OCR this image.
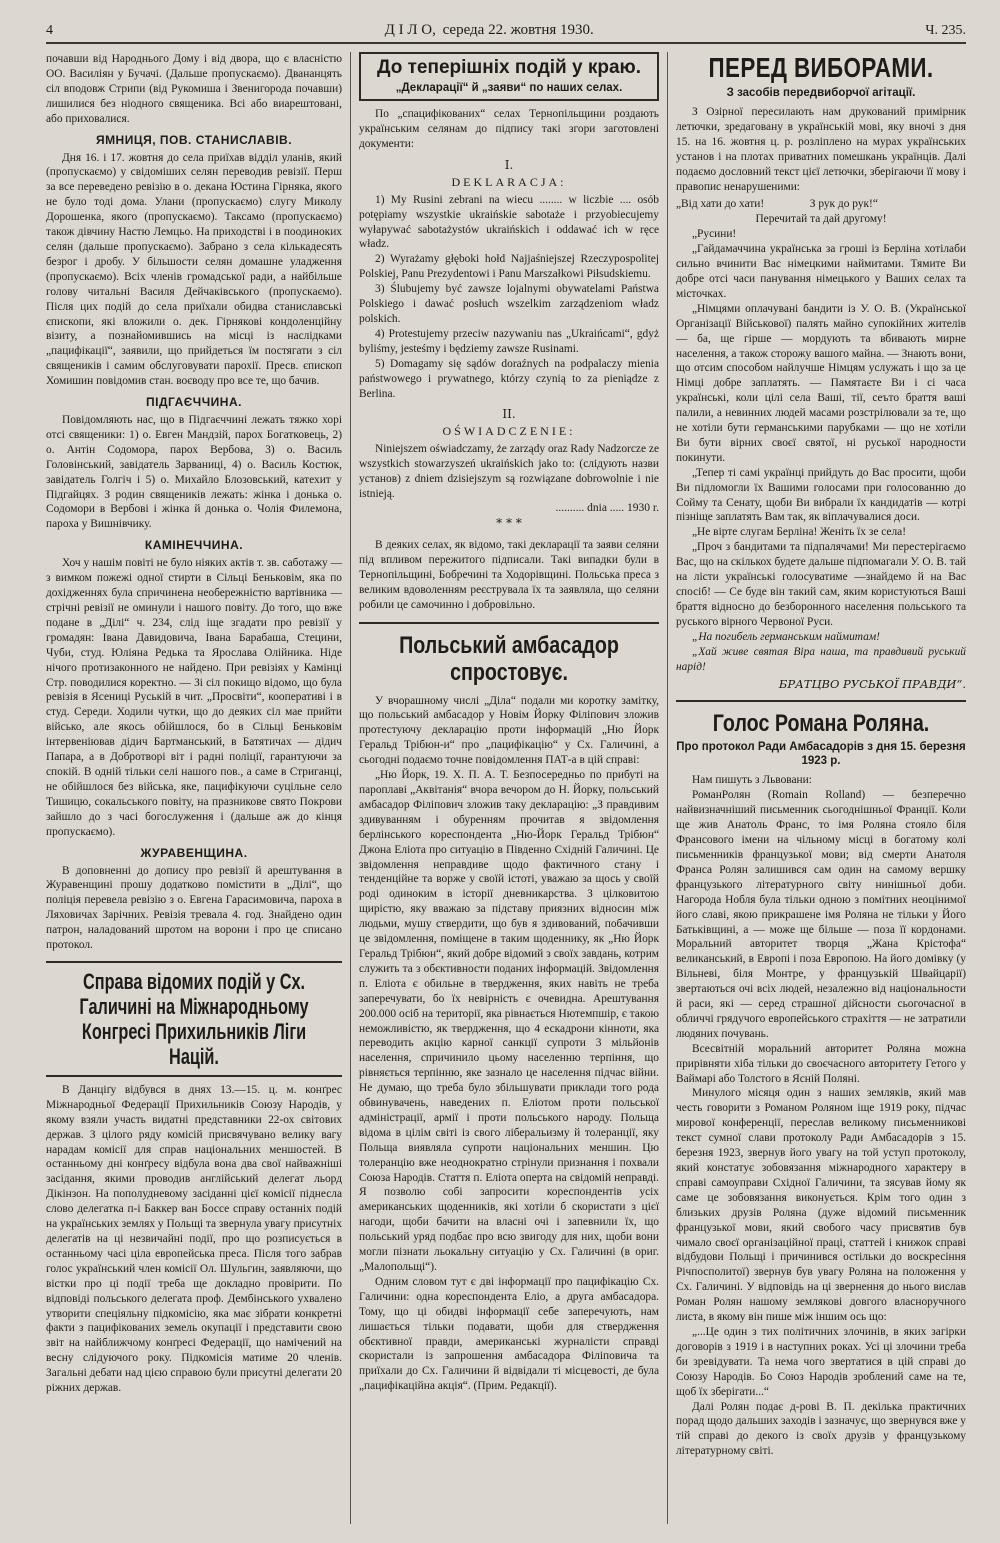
4	Д І Л О, середа 22. жовтня 1930.	Ч. 235.

почавши від Народнього Дому і від двора, що є власністю ОО. Василіян у Бучачі. (Дальше пропускаємо). Двананцять сіл вподовж Стрипи (від Рукомиша і Звенигорода почавши) лишилися без ніодного священика. Всі або виарештовані, або приховалися.

ЯМНИЦЯ, ПОВ. СТАНИСЛАВІВ.

Дня 16. і 17. жовтня до села приїхав відділ уланів, який (пропускаємо) у свідоміших селян переводив ревізії. Перш за все переведено ревізію в о. декана Юстина Гірняка, якого не було тоді дома. Улани (пропускаємо) слугу Миколу Дорошенка, якого (пропускаємо). Таксамо (пропускаємо) також дівчину Настю Лемцьо. На приходстві і в поодиноких селян (дальше пропускаємо). Забрано з села кількадесять безрог і дробу. У більшости селян домашне уладження (пропускаємо). Всіх членів громадської ради, а найбільше голову читальні Василя Дейчаківського (пропускаємо). Після цих подій до села приїхали обидва станиславські єпископи, які вложили о. дек. Гірнякові кондоленційну візиту, а познайомившись на місці із наслідками „пацифікації“, заявили, що прийдеться їм постягати з сіл священиків і самим обслуговувати парохії. Пресв. єпископ Хомишин повідомив стан. воєводу про все те, що бачив.

ПІДГАЄЧЧИНА.

Повідомляють нас, що в Підгаєччині лежать тяжко хорі отсі священики: 1) о. Евген Мандзій, парох Богатковець, 2) о. Антін Содомора, парох Вербова, 3) о. Василь Головінський, завідатель Зарваниці, 4) о. Василь Костюк, завідатель Голгіч і 5) о. Михайло Блозовський, катехит у Підгайцях. З родин священиків лежать: жінка і донька о. Содомори в Вербові і жінка й донька о. Чолія Филемона, пароха у Вишнівчику.

КАМІНЕЧЧИНА.

Хоч у нашім повіті не було ніяких актів т. зв. саботажу — з вимком пожежі одної стирти в Сільці Беньковім, яка по дохідженнях була спричинена необережністю вартівника — стрічні ревізії не оминули і нашого повіту. До того, що вже подане в „Ділі“ ч. 234, слід іще згадати про ревізії у громадян: Івана Давидовича, Івана Барабаша, Стецини, Чуби, студ. Юліяна Редька та Ярослава Олійника. Ніде нічого протизаконного не найдено. При ревізіях у Камінці Стр. поводилися коректно. — Зі сіл покищо відомо, що була ревізія в Ясениці Руській в чит. „Просвіти“, кооперативі і в студ. Середи. Ходили чутки, що до деяких сіл мае прийти військо, але якось обійшлося, бо в Сільці Беньковім інтервеніював дідич Бартманський, в Батятичах — дідич Папара, а в Добротворі віт і радні поліції, гарантуючи за спокій. В одній тільки селі нашого пов., а саме в Стриганці, не обійшлося без війська, яке, пацифікуючи суцільне село Тишицю, сокальського повіту, на празникове свято Покрови зайшло до з часі богослуження і (дальше аж до кінця пропускаємо).

ЖУРАВЕНЩИНА.

В доповненні до допису про ревізії й арештування в Журавенщині прошу додатково помістити в „Ділі“, що поліція перевела ревізію з о. Евгена Гарасимовича, пароха в Ляховичах Зарічних. Ревізія тревала 4. год. Знайдено один патрон, наладований шротом на ворони і про це списано протокол.

Справа відомих подій у Сх. Галичині на Міжнародньому Конгресі Прихильників Ліги Націй.

В Данціґу відбувся в днях 13.—15. ц. м. конґрес Міжнародньої Федерації Прихильників Союзу Народів, у якому взяли участь видатні представники 22-ох світових держав. З цілого ряду комісій присвячувано велику вагу нарадам комісії для справ національних меншостей. В останньому дні конґресу відбула вона два свої найважніші засідання, якими проводив англійський делегат льорд Дікінзон. На пополудневому засіданні цієї комісії піднесла слово делегатка п-і Баккер ван Боссе справу останніх подій на українських землях у Польщі та звернула увагу присутніх делегатів на ці незвичайні події, про що розписується в останньому часі ціла европейська преса. Після того забрав голос український член комісії Ол. Шульгин, заявляючи, що вістки про ці події треба ще докладно провірити. По відповіді польського делегата проф. Дембінського ухвалено утворити спеціяльну підкомісію, яка має зібрати конкретні факти з пацифікованих земель окупації і представити свою звіт на найближчому конґресі Федерації, що намічений на весну слідуючого року. Підкомісія матиме 20 членів. Загальні дебати над цією справою були присутні делегати 20 ріжних держав.

До теперішніх подій у краю.
„Декларації“ й „заяви“ по наших селах.

По „спацифікованих“ селах Тернопільщини роздають українським селянам до підпису такі згори заготовлені документи:

І.
DEKLARACJA:

1) My Rusini zebrani na wiecu ........ w liczbie .... osób potępiamy wszystkie ukraińskie sabotaże i przyobiecujemy wyłapywać sabotażystów ukraińskich i oddawać ich w ręce władz.

2) Wyrażamy głęboki hołd Najjaśniejszej Rzeczypospolitej Polskiej, Panu Prezydentowi i Panu Marszałkowi Piłsudskiemu.

3) Ślubujemy być zawsze lojalnymi obywatelami Państwa Polskiego i dawać posłuch wszelkim zarządzeniom władz polskich.

4) Protestujemy przeciw nazywaniu nas „Ukraińcami“, gdyż byliśmy, jesteśmy i będziemy zawsze Rusinami.

5) Domagamy się sądów doraźnych na podpalaczy mienia państwowego i prywatnego, którzy czynią to za pieniądze z Berlina.

II.
OŚWIADCZENIE:

Niniejszem oświadczamy, że zarządy oraz Rady Nadzorcze ze wszystkich stowarzyszeń ukraińskich jako to: (слідують назви установ) z dniem dzisiejszym są rozwiązane dobrowolnie i nie istnieją.

.......... dnia ..... 1930 r.
* * *

В деяких селах, як відомо, такі декларації та заяви селяни під впливом пережитого підписали. Такі випадки були в Тернопільщині, Бобречині та Ходорівщині. Польська преса з великим вдоволенням реєструвала їх та заявляла, що селяни робили це самочинно і добровільно.

Польський амбасадор спростовує.

У вчорашному числі „Діла“ подали ми коротку замітку, що польський амбасадор у Новім Йорку Філіпович зложив протестуючу декларацію проти інформацій „Ню Йорк Геральд Трібюн-и“ про „пацифікацію“ у Сх. Галичині, а сьогодні подаємо точне повідомлення ПАТ-а в цій справі:

„Ню Йорк, 19. Х. П. А. Т. Безпосередньо по прибуті на пароплаві „Аквітанія“ вчора вечором до Н. Йорку, польський амбасадор Філіпович зложив таку декларацію: „З правдивим здивуванням і обуренням прочитав я звідомлення берлінського кореспондента „Ню-Йорк Геральд Трібюн“ Джона Еліота про ситуацію в Південно Східній Галичині. Це звідомлення неправдиве щодо фактичного стану і тенденційне та ворже у своїй істоті, уважаю за щось у своїй роді одиноким в історії дневникарства. З цілковитою щирістю, яку вважаю за підставу приязних відносин між людьми, мушу ствердити, що був я здивований, побачивши це звідомлення, поміщене в таким щоденнику, як „Ню Йорк Геральд Трібюн“, який добре відомий з своїх завдань, котрим служить та з обєктивности поданих інформацій. Звідомлення п. Еліота є обильне в твердження, яких навіть не треба заперечувати, бо їх невірність є очевидна. Арештування 200.000 осіб на території, яка рівнається Нютемпшір, є такою неможливістю, як твердження, що 4 ескадрони кінноти, яка переводить акцію карної санкції супроти 3 мільйонів населення, спричинило цьому населенню терпіння, що рівняється терпінню, яке зазнало це населення підчас війни. Не думаю, що треба було збільшувати приклади того рода обвинувачень, наведених п. Еліотом проти польської адміністрації, армії і проти польського народу. Польща відома в цілім світі із свого ліберальизму й толеранції, яку Польща виявляла супроти національних меншин. Цю толеранцію вже неоднократно стрінули признання і похвали Союза Народів. Стаття п. Еліота оперта на свідомій неправді. Я позволю собі запросити кореспондентів усіх американських щоденників, які хотіли б скористати з цієї нагоди, щоби бачити на власні очі і запевнили їх, що польський уряд подбає про всю звигоду для них, щоби вони могли пізнати льокальну ситуацію у Сх. Галичині (в ориг. „Малопольщі“).

Одним словом тут є дві інформації про пацифікацію Сх. Галичини: одна кореспондента Еліо, а друга амбасадора. Тому, що ці обидві інформації себе заперечують, нам лишається тільки подавати, щоби для ствердження обєктивної правди, американські журналісти справді скористали із запрошення амбасадора Філіповича та приїхали до Сх. Галичини й відвідали ті місцевості, де була „пацифікаційна акція“. (Прим. Редакції).

ПЕРЕД ВИБОРАМИ.
З засобів передвиборчої агітації.

З Озірної пересилають нам друкований примірник летючки, зредаговану в українській мові, яку вночі з дня 15. на 16. жовтня ц. р. розліплено на мурах українських установ і на плотах приватних помешкань українців. Далі подаємо дословний текст цієї летючки, зберігаючи її мову і правопис ненарушеними:

„Від хати до хати!                З рук до рук!“

Перечитай та дай другому!

„Русини!

„Гайдамаччина українська за гроші із Берліна хотілаби сильно вчинити Вас німецкими наймитами. Тямите Ви добре отсі часи панування німецького у Ваших селах та місточках.

„Німцями оплачувані бандити із У. О. В. (Української Організації Військової) палять майно супокійних жителів — ба, ще гірше — мордують та вбивають мирне населення, а також сторожу вашого майна. — Знають вони, що отсим способом найлучше Німцям услужать і що за це Німці добре заплатять. — Памятаєте Ви і сі часа українські, коли цілі села Ваші, тії, сеъто браття ваші палили, а невинних людей масами розстрілювали за те, що не хотіли бути германськими парубками — що не хотіли Ви бути вірних своєї святої, ні руської народности покинути.

„Тепер ті самі українці прийдуть до Вас просити, щоби Ви підломогли їх Вашими голосами при голосованню до Сойму та Сенату, щоби Ви вибрали їх кандидатів — котрі пізніще заплатять Вам так, як віплачувалися доси.

„Не вірте слугам Берліна! Женіть їх зе села!

„Проч з бандитами та підпалячами! Ми перестерігаємо Вас, що на скількох будете дальше підпомагали У. О. В. тай на лісти українські голосуватиме —знайдемо й на Вас спосіб! — Се буде він такий сам, яким користуються Ваші браття відносно до безборонного населення польського та руського вірного Червоної Руси.

„На погибель германським наймитам!

„Хай живе святая Віра наша, та правдивий руський нарід!

БРАТЦВО РУСЬКОЇ ПРАВДИ“.
Голос Романа Роляна.
Про протокол Ради Амбасадорів з дня 15. березня 1923 р.

Нам пишуть з Львовани:

РоманРолян (Romain Rolland) — безперечно найвизначніший письменник сьогоднішньої Франції. Коли ще жив Анатоль Франс, то імя Роляна стояло біля Франсового імени на чільному місці в богатому колі письменників французької мови; від смерти Анатоля Франса Ролян залишився сам один на самому вершку французького літературного світу нинішньої доби. Нагорода Нобля була тільки одною з помітних неоцінимої його славі, якою прикрашене імя Роляна не тільки у Його Батьківщині, а — може ще більше — поза її кордонами. Моральний авторитет творця „Жана Крістофа“ великанський, в Европі і поза Европою. На його домівку (у Вільневі, біля Монтре, у французькій Швайцарії) звертаються очі всіх людей, незалежно від національности й раси, які — серед страшної дійсности сьогочасної в обличчі грядучого европейського страхіття — не затратили людяних почувань.

Всесвітній моральний авторитет Роляна можна прирівняти хіба тільки до своєчасного авторитету Гетого у Ваймарі або Толстого в Ясній Поляні.

Минулого місяця один з наших земляків, який мав честь говорити з Романом Роляном іще 1919 року, підчас мирової конференції, переслав великому письменникові текст сумної слави протоколу Ради Амбасадорів з 15. березня 1923, звернув його увагу на той уступ протоколу, який констатує зобовязання міжнародного характеру в справі самоуправи Східної Галичини, та зясував йому як саме це зобовязання виконується. Крім того один з близьких друзів Роляна (дуже відомий письменник французької мови, який свобого часу присвятив був чимало своєї організаційної праці, статтей і книжок справі відбудови Польщі і причинився остільки до воскресіння Річпосполитої) звернув був увагу Роляна на положення у Сх. Галичині. У відповідь на ці звернення до нього вислав Роман Ролян нашому землякові довгого власноручного листа, в якому він пише між іншим ось що:

„...Це один з тих політичних злочинів, в яких загірки договорів з 1919 і в наступних роках. Усі ці злочини треба би зревідувати. Та нема чого звертатися в цій справі до Союзу Народів. Бо Союз Народів зроблений саме на те, щоб їх зберігати...“

Далі Ролян подає д-рові В. П. декілька практичних порад щодо дальших заходів і зазначує, що звернувся вже у тій справі до декого із своїх друзів у французькому літературному світі.
